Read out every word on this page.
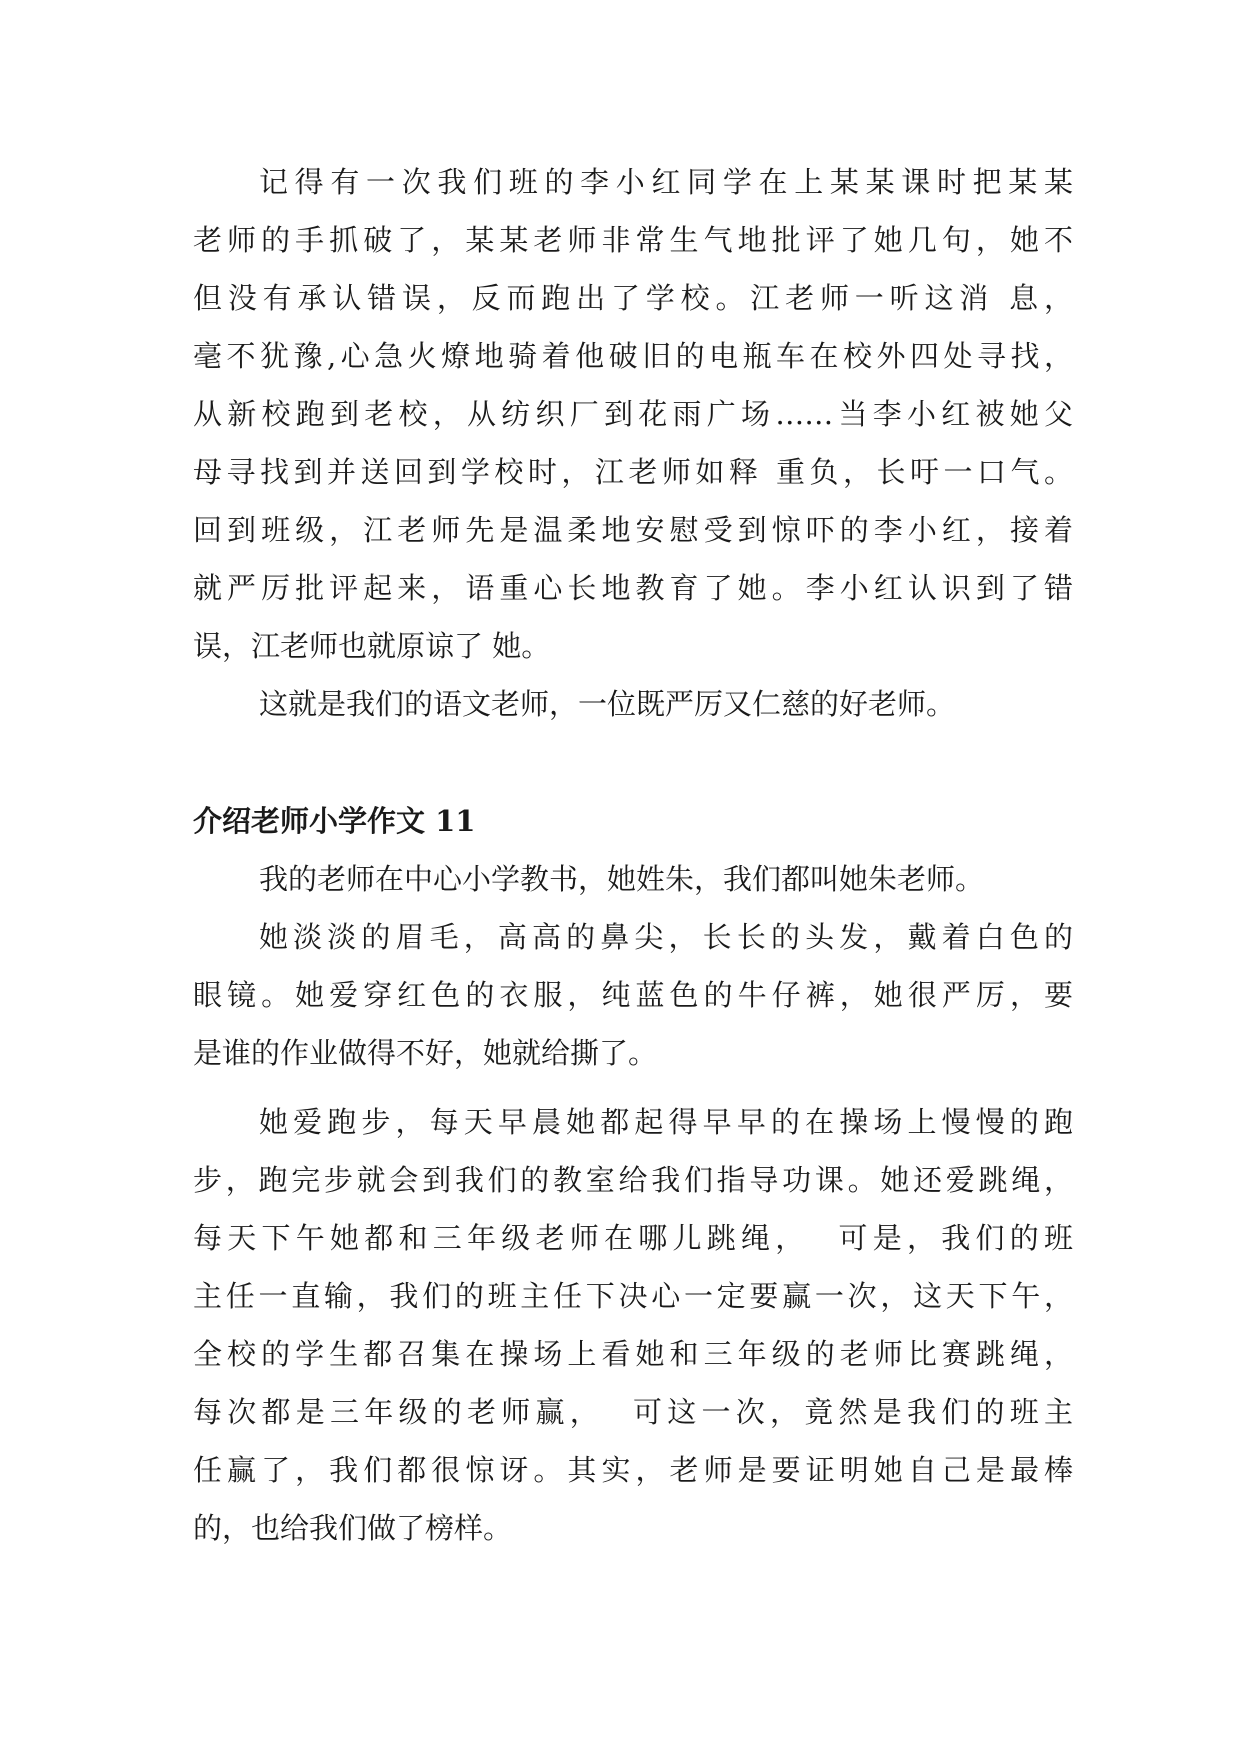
记得有一次我们班的李小红同学在上某某课时把某某

老师的手抓破了，某某老师非常生气地批评了她几句，她不

但没有承认错误，反而跑出了学校。江老师一听这消 息，

毫不犹豫,心急火燎地骑着他破旧的电瓶车在校外四处寻找，

从新校跑到老校，从纺织厂到花雨广场……当李小红被她父

母寻找到并送回到学校时，江老师如释 重负，长吁一口气。

回到班级，江老师先是温柔地安慰受到惊吓的李小红，接着

就严厉批评起来，语重心长地教育了她。李小红认识到了错

误，江老师也就原谅了 她。

这就是我们的语文老师，一位既严厉又仁慈的好老师。

介绍老师小学作文 11

我的老师在中心小学教书，她姓朱，我们都叫她朱老师。

她淡淡的眉毛，高高的鼻尖，长长的头发，戴着白色的

眼镜。她爱穿红色的衣服，纯蓝色的牛仔裤，她很严厉，要

是谁的作业做得不好，她就给撕了。

她爱跑步，每天早晨她都起得早早的在操场上慢慢的跑

步，跑完步就会到我们的教室给我们指导功课。她还爱跳绳，

每天下午她都和三年级老师在哪儿跳绳，  可是，我们的班

主任一直输，我们的班主任下决心一定要赢一次，这天下午，

全校的学生都召集在操场上看她和三年级的老师比赛跳绳，

每次都是三年级的老师赢，  可这一次，竟然是我们的班主

任赢了，我们都很惊讶。其实，老师是要证明她自己是最棒

的，也给我们做了榜样。
